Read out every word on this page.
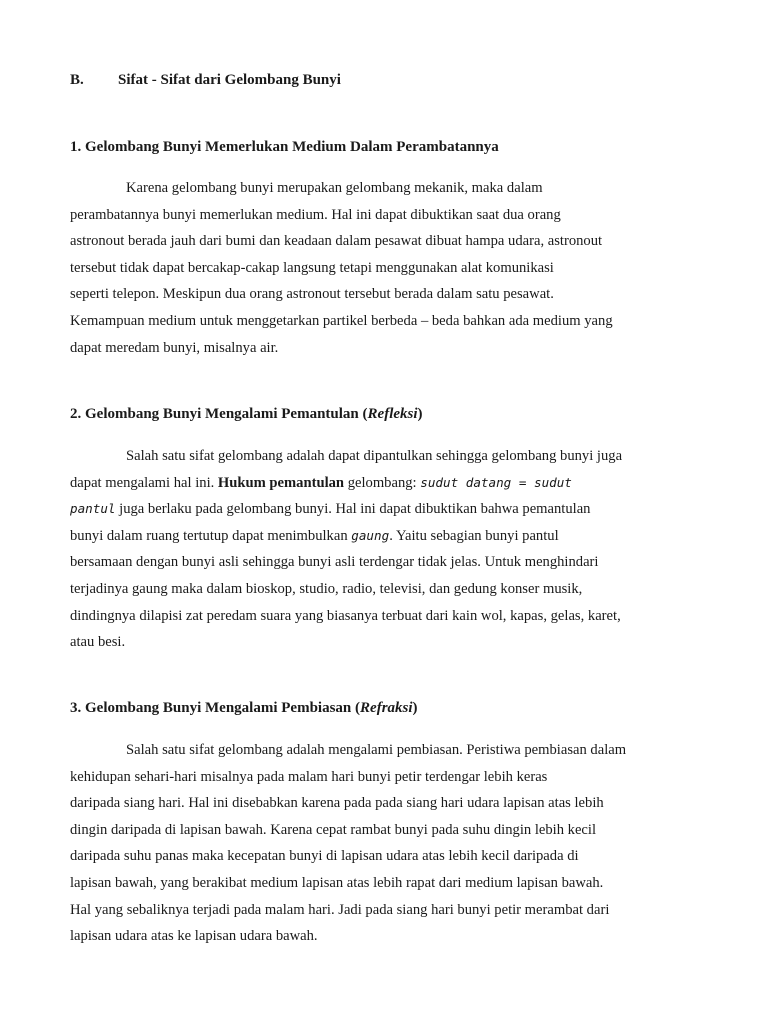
B. Sifat - Sifat dari Gelombang Bunyi
1. Gelombang Bunyi Memerlukan Medium Dalam Perambatannya
Karena gelombang bunyi merupakan gelombang mekanik, maka dalam
perambatannya bunyi memerlukan medium. Hal ini dapat dibuktikan saat dua orang
astronout berada jauh dari bumi dan keadaan dalam pesawat dibuat hampa udara, astronout
tersebut tidak dapat bercakap-cakap langsung tetapi menggunakan alat komunikasi
seperti telepon. Meskipun dua orang astronout tersebut berada dalam satu pesawat.
Kemampuan medium untuk menggetarkan partikel berbeda – beda bahkan ada medium yang
dapat meredam bunyi, misalnya air.
2. Gelombang Bunyi Mengalami Pemantulan (Refleksi)
Salah satu sifat gelombang adalah dapat dipantulkan sehingga gelombang bunyi juga
dapat mengalami hal ini. Hukum pemantulan gelombang: sudut datang = sudut
pantul juga berlaku pada gelombang bunyi. Hal ini dapat dibuktikan bahwa pemantulan
bunyi dalam ruang tertutup dapat menimbulkan gaung. Yaitu sebagian bunyi pantul
bersamaan dengan bunyi asli sehingga bunyi asli terdengar tidak jelas. Untuk menghindari
terjadinya gaung maka dalam bioskop, studio, radio, televisi, dan gedung konser musik,
dindingnya dilapisi zat peredam suara yang biasanya terbuat dari kain wol, kapas, gelas, karet,
atau besi.
3. Gelombang Bunyi Mengalami Pembiasan (Refraksi)
Salah satu sifat gelombang adalah mengalami pembiasan. Peristiwa pembiasan dalam
kehidupan sehari-hari misalnya pada malam hari bunyi petir terdengar lebih keras
daripada siang hari. Hal ini disebabkan karena pada pada siang hari udara lapisan atas lebih
dingin daripada di lapisan bawah. Karena cepat rambat bunyi pada suhu dingin lebih kecil
daripada suhu panas maka kecepatan bunyi di lapisan udara atas lebih kecil daripada di
lapisan bawah, yang berakibat medium lapisan atas lebih rapat dari medium lapisan bawah.
Hal yang sebaliknya terjadi pada malam hari. Jadi pada siang hari bunyi petir merambat dari
lapisan udara atas ke lapisan udara bawah.
